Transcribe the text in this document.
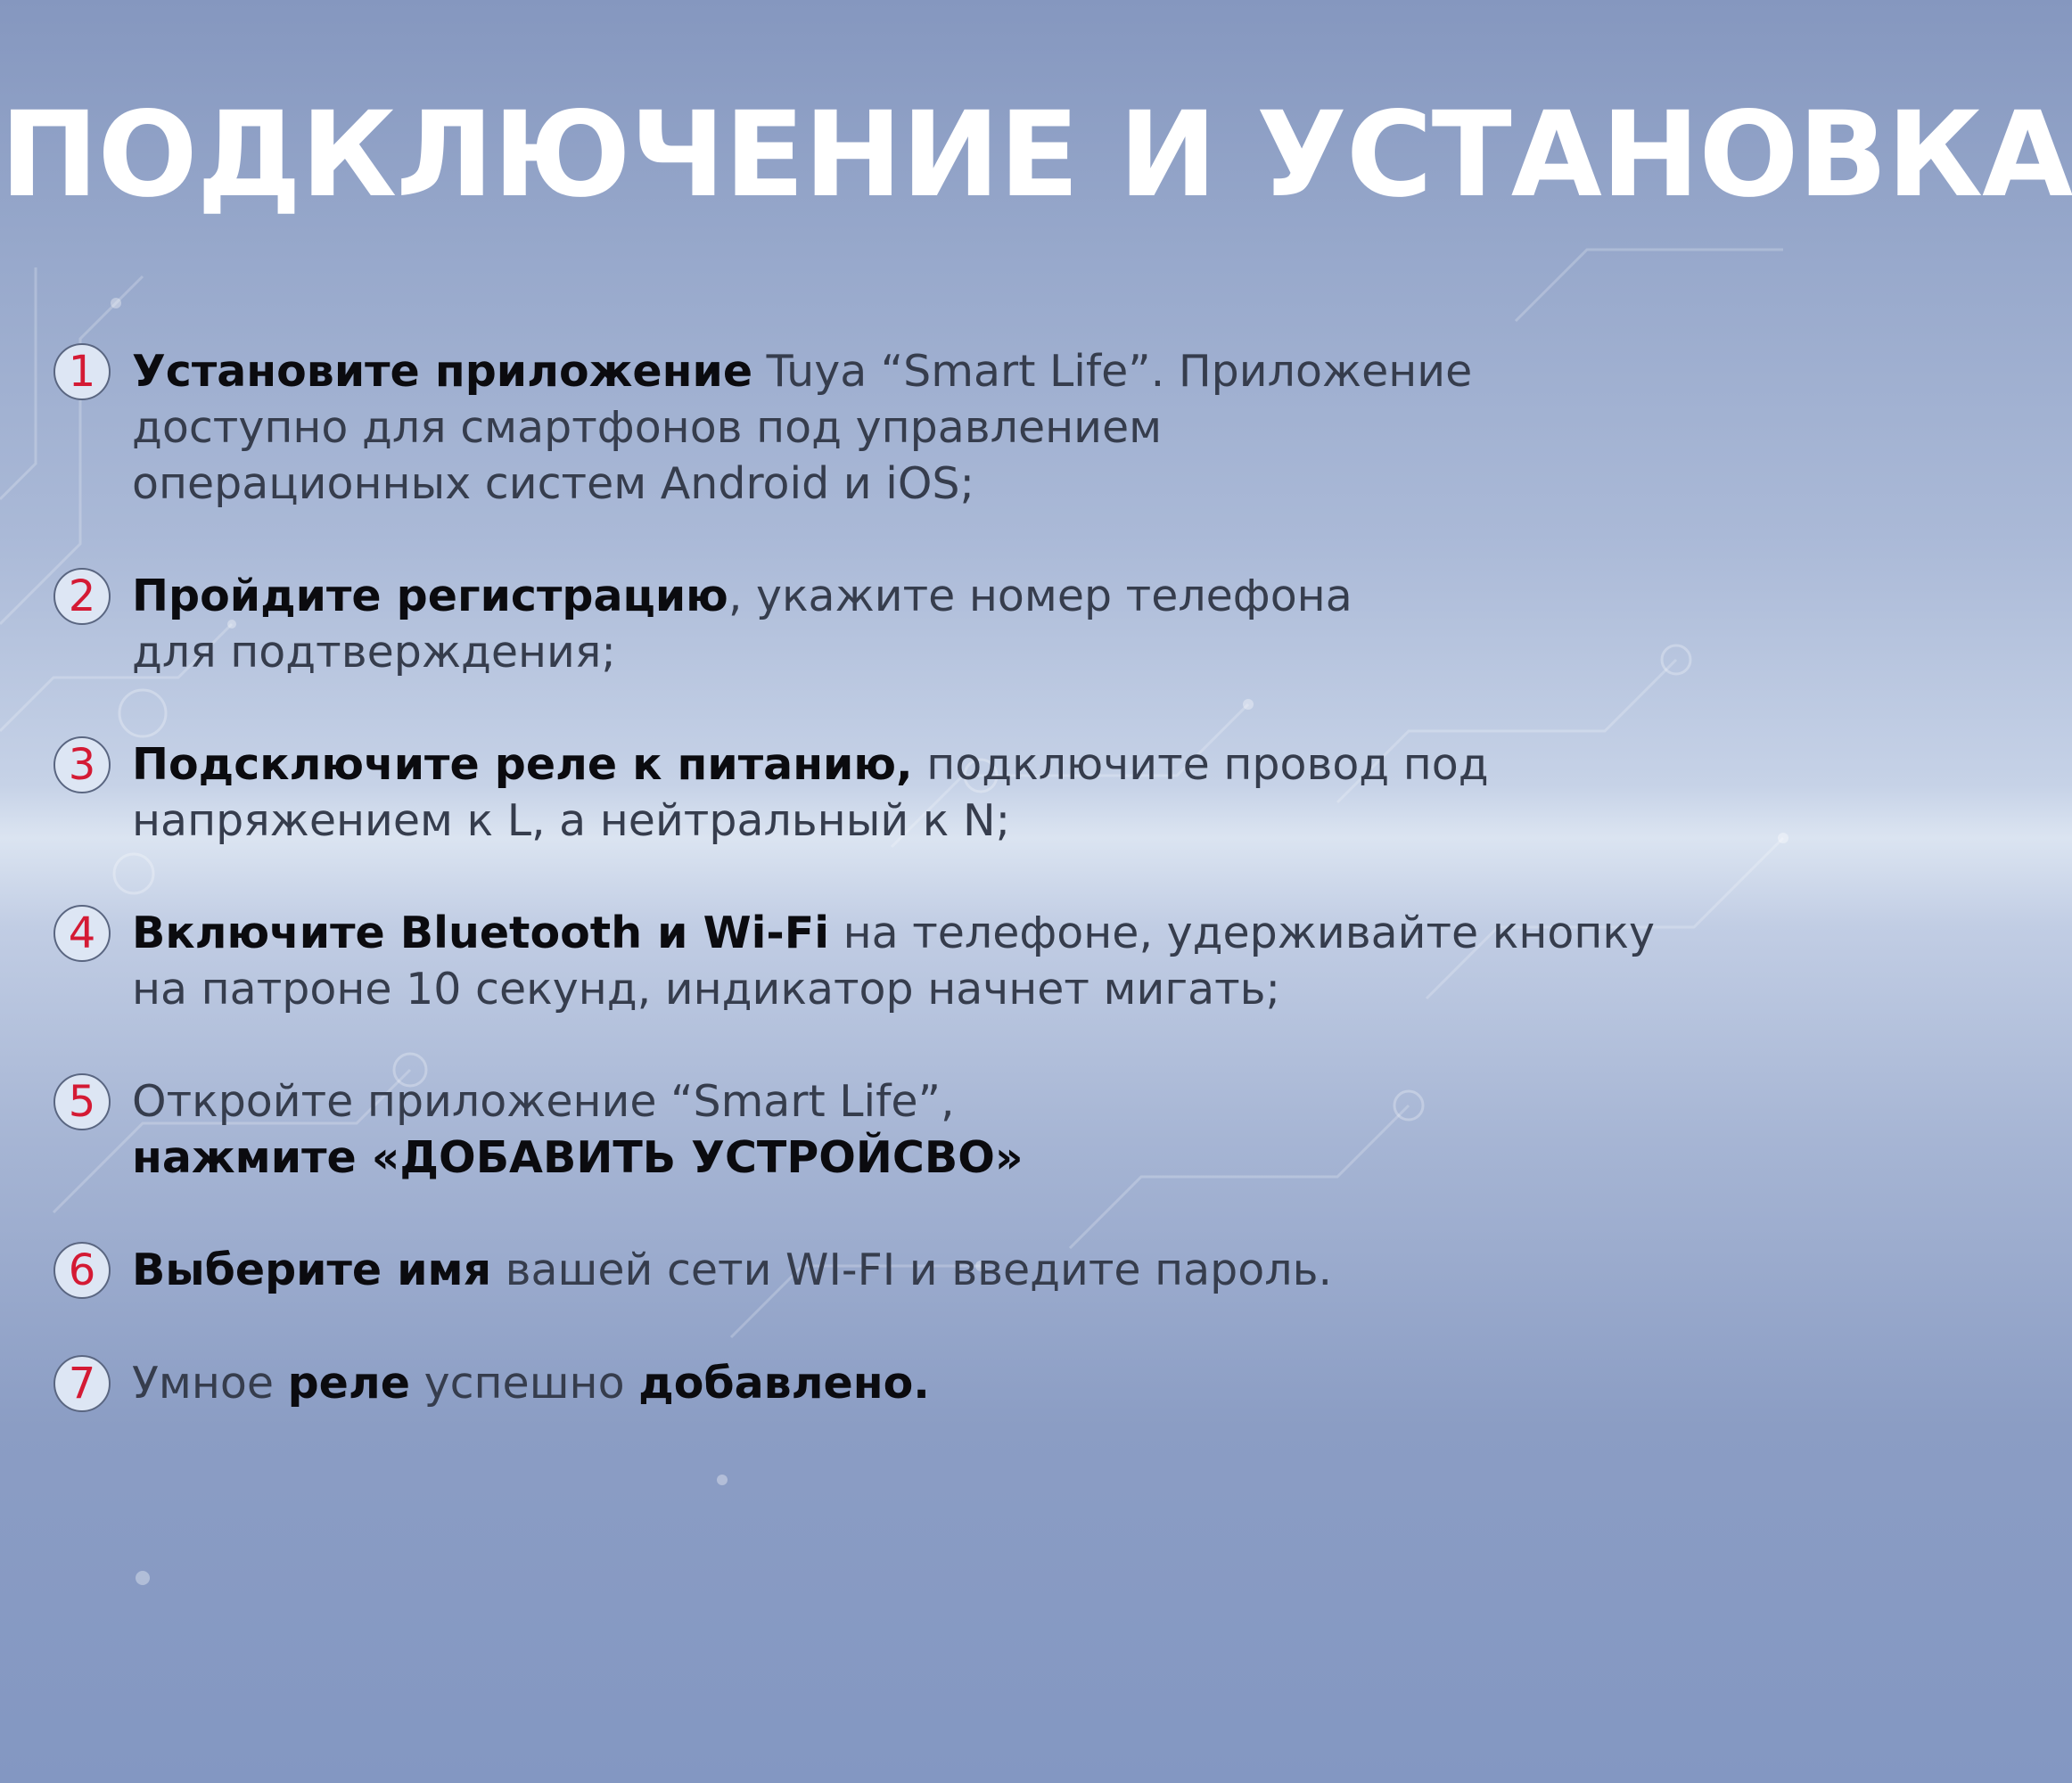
ПОДКЛЮЧЕНИЕ И УСТАНОВКА
1 Установите приложение Tuya “Smart Life”. Приложение
доступно для смартфонов под управлением
операционных систем Android и iOS;
2 Пройдите регистрацию, укажите номер телефона
для подтверждения;
3 Подсключите реле к питанию, подключите провод под
напряжением к L, а нейтральный к N;
4 Включите Bluetooth и Wi-Fi на телефоне, удерживайте кнопку
на патроне 10 секунд, индикатор начнет мигать;
5 Откройте приложение “Smart Life”,
нажмите «ДОБАВИТЬ УСТРОЙСВО»
6 Выберите имя вашей сети WI-FI и введите пароль.
7 Умное реле успешно добавлено.
